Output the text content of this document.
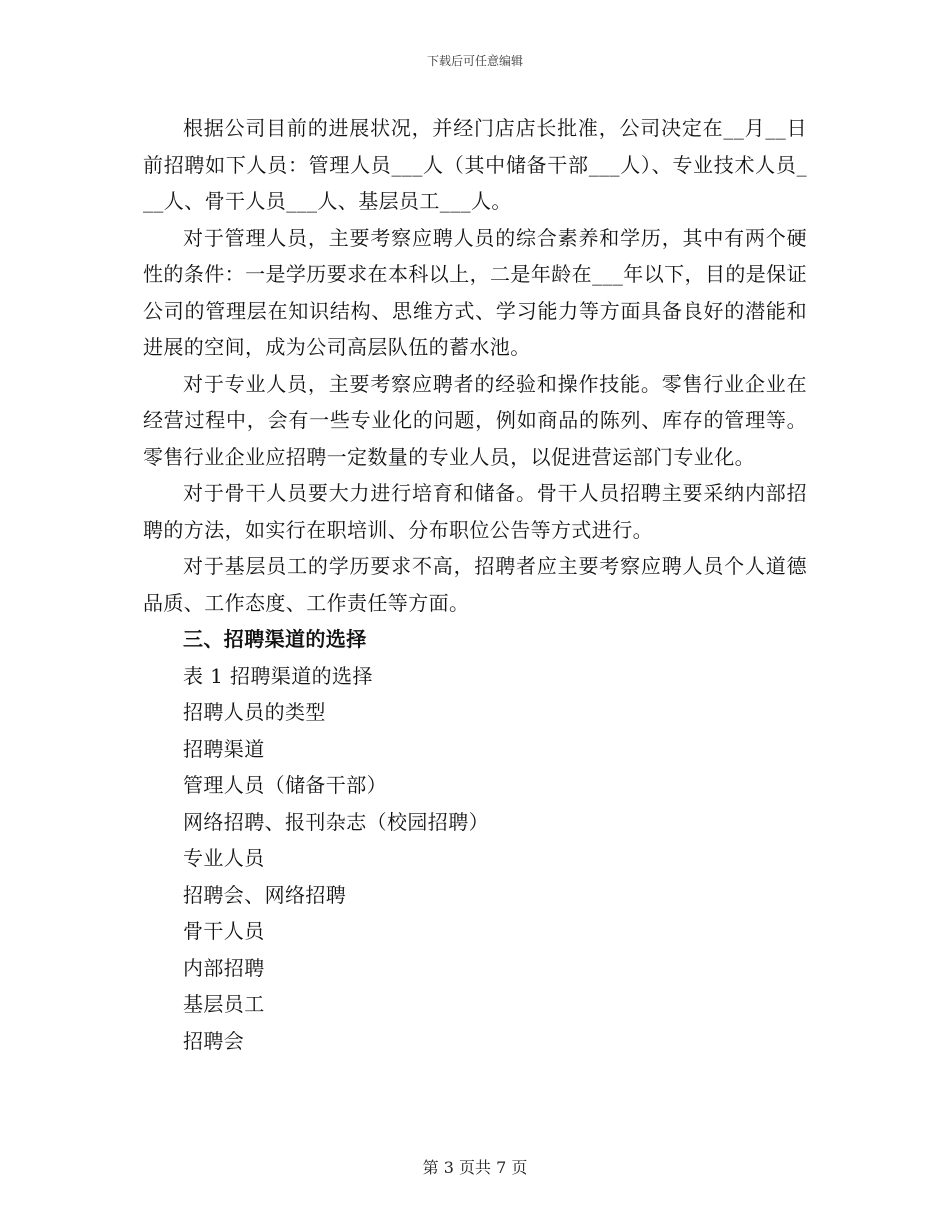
下载后可任意编辑

根据公司目前的进展状况，并经门店店长批准，公司决定在__月__日前招聘如下人员：管理人员___人（其中储备干部___人）、专业技术人员___人、骨干人员___人、基层员工___人。

对于管理人员，主要考察应聘人员的综合素养和学历，其中有两个硬性的条件：一是学历要求在本科以上，二是年龄在___年以下，目的是保证公司的管理层在知识结构、思维方式、学习能力等方面具备良好的潜能和进展的空间，成为公司高层队伍的蓄水池。

对于专业人员，主要考察应聘者的经验和操作技能。零售行业企业在经营过程中，会有一些专业化的问题，例如商品的陈列、库存的管理等。零售行业企业应招聘一定数量的专业人员，以促进营运部门专业化。

对于骨干人员要大力进行培育和储备。骨干人员招聘主要采纳内部招聘的方法，如实行在职培训、分布职位公告等方式进行。

对于基层员工的学历要求不高，招聘者应主要考察应聘人员个人道德品质、工作态度、工作责任等方面。

三、招聘渠道的选择

表 1 招聘渠道的选择

招聘人员的类型

招聘渠道

管理人员（储备干部）

网络招聘、报刊杂志（校园招聘）

专业人员

招聘会、网络招聘

骨干人员

内部招聘

基层员工

招聘会

第 3 页共 7 页
